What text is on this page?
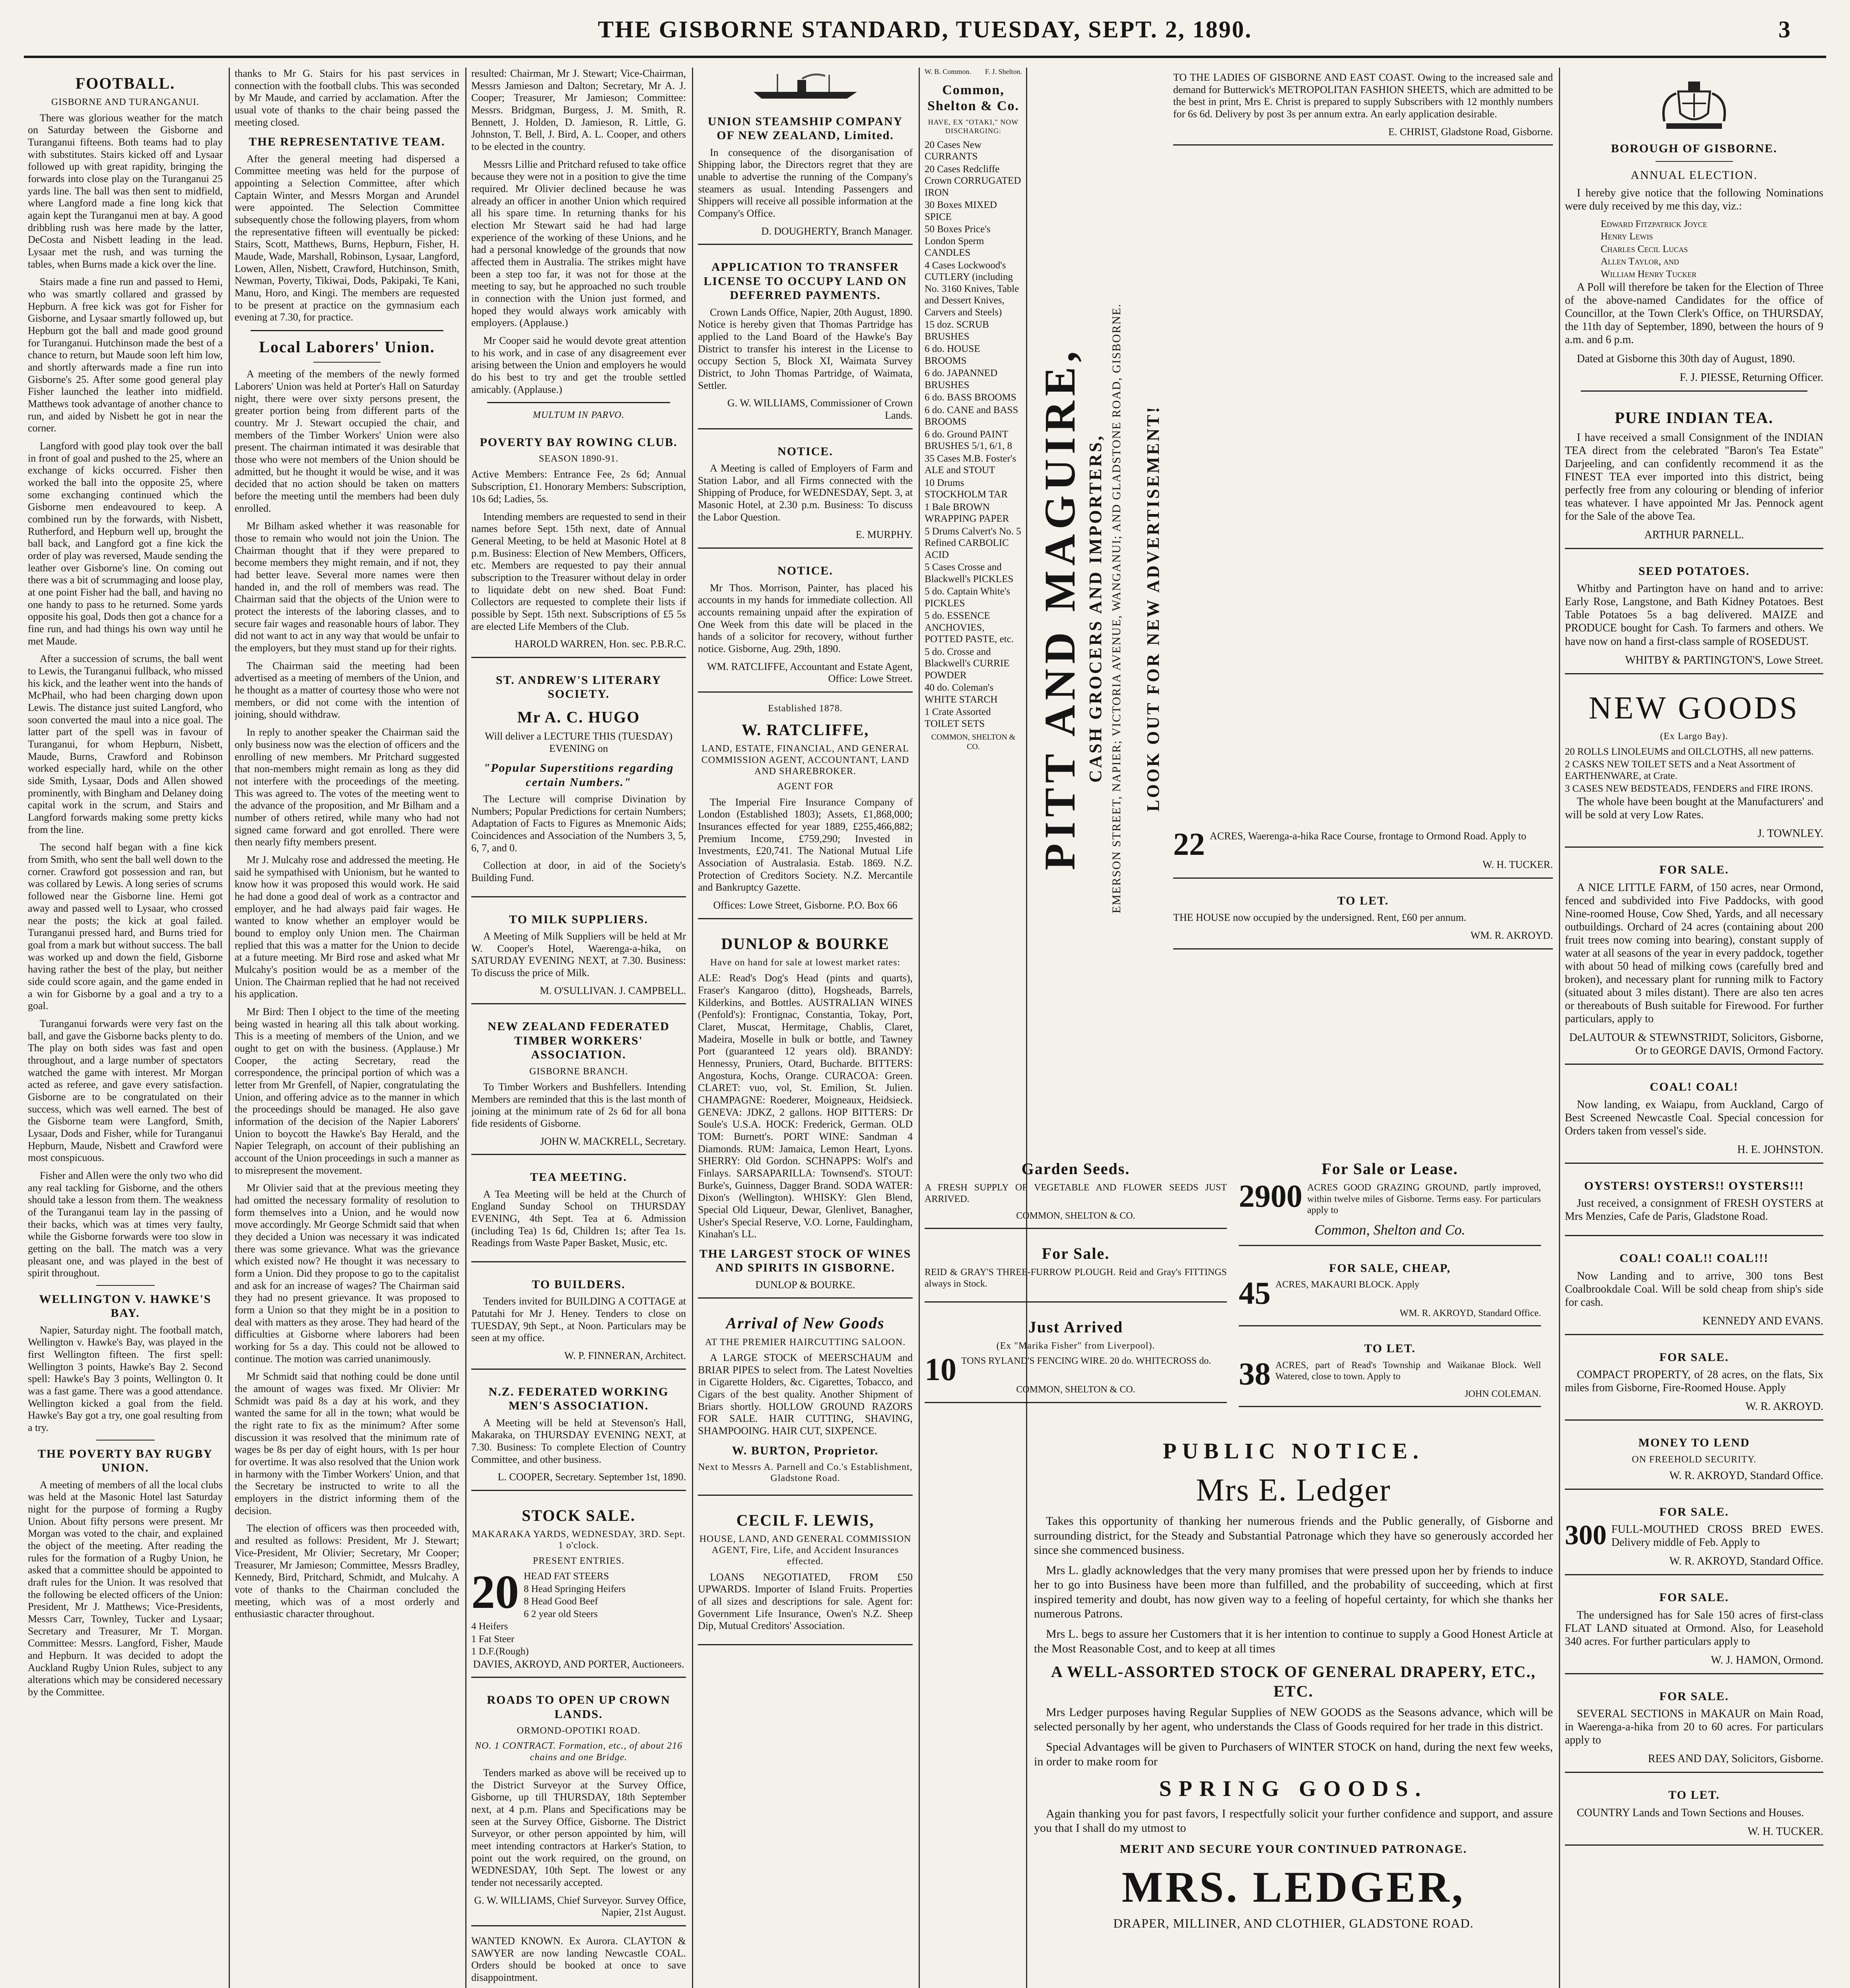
THE GISBORNE STANDARD, TUESDAY, SEPT. 2, 1890.	3
FOOTBALL.
GISBORNE AND TURANGANUI.

There was glorious weather for the match on Saturday between the Gisborne and Turanganui fifteens. Both teams had to play with substitutes. Stairs kicked off and Lysaar followed up with great rapidity, bringing the forwards into close play on the Turanganui 25 yards line. The ball was then sent to midfield, where Langford made a fine long kick that again kept the Turanganui men at bay. A good dribbling rush was here made by the latter, DeCosta and Nisbett leading in the lead. Lysaar met the rush, and was turning the tables, when Burns made a kick over the line.

Stairs made a fine run and passed to Hemi, who was smartly collared and grassed by Hepburn. A free kick was got for Fisher for Gisborne, and Lysaar smartly followed up, but Hepburn got the ball and made good ground for Turanganui. Hutchinson made the best of a chance to return, but Maude soon left him low, and shortly afterwards made a fine run into Gisborne's 25. After some good general play Fisher launched the leather into midfield. Matthews took advantage of another chance to run, and aided by Nisbett he got in near the corner.

Langford with good play took over the ball in front of goal and pushed to the 25, where an exchange of kicks occurred. Fisher then worked the ball into the opposite 25, where some exchanging continued which the Gisborne men endeavoured to keep. A combined run by the forwards, with Nisbett, Rutherford, and Hepburn well up, brought the ball back, and Langford got a fine kick the order of play was reversed, Maude sending the leather over Gisborne's line. On coming out there was a bit of scrummaging and loose play, at one point Fisher had the ball, and having no one handy to pass to he returned. Some yards opposite his goal, Dods then got a chance for a fine run, and had things his own way until he met Maude.

After a succession of scrums, the ball went to Lewis, the Turanganui fullback, who missed his kick, and the leather went into the hands of McPhail, who had been charging down upon Lewis. The distance just suited Langford, who soon converted the maul into a nice goal. The latter part of the spell was in favour of Turanganui, for whom Hepburn, Nisbett, Maude, Burns, Crawford and Robinson worked especially hard, while on the other side Smith, Lysaar, Dods and Allen showed prominently, with Bingham and Delaney doing capital work in the scrum, and Stairs and Langford forwards making some pretty kicks from the line.

The second half began with a fine kick from Smith, who sent the ball well down to the corner. Crawford got possession and ran, but was collared by Lewis. A long series of scrums followed near the Gisborne line. Hemi got away and passed well to Lysaar, who crossed near the posts; the kick at goal failed. Turanganui pressed hard, and Burns tried for goal from a mark but without success. The ball was worked up and down the field, Gisborne having rather the best of the play, but neither side could score again, and the game ended in a win for Gisborne by a goal and a try to a goal.

Turanganui forwards were very fast on the ball, and gave the Gisborne backs plenty to do. The play on both sides was fast and open throughout, and a large number of spectators watched the game with interest. Mr Morgan acted as referee, and gave every satisfaction. Gisborne are to be congratulated on their success, which was well earned. The best of the Gisborne team were Langford, Smith, Lysaar, Dods and Fisher, while for Turanganui Hepburn, Maude, Nisbett and Crawford were most conspicuous.

Fisher and Allen were the only two who did any real tackling for Gisborne, and the others should take a lesson from them. The weakness of the Turanganui team lay in the passing of their backs, which was at times very faulty, while the Gisborne forwards were too slow in getting on the ball. The match was a very pleasant one, and was played in the best of spirit throughout.

WELLINGTON V. HAWKE'S BAY.

Napier, Saturday night. The football match, Wellington v. Hawke's Bay, was played in the first Wellington fifteen. The first spell: Wellington 3 points, Hawke's Bay 2. Second spell: Hawke's Bay 3 points, Wellington 0. It was a fast game. There was a good attendance. Wellington kicked a goal from the field. Hawke's Bay got a try, one goal resulting from a try.

THE POVERTY BAY RUGBY UNION.

A meeting of members of all the local clubs was held at the Masonic Hotel last Saturday night for the purpose of forming a Rugby Union. About fifty persons were present. Mr Morgan was voted to the chair, and explained the object of the meeting. After reading the rules for the formation of a Rugby Union, he asked that a committee should be appointed to draft rules for the Union. It was resolved that the following be elected officers of the Union: President, Mr J. Matthews; Vice-Presidents, Messrs Carr, Townley, Tucker and Lysaar; Secretary and Treasurer, Mr T. Morgan. Committee: Messrs. Langford, Fisher, Maude and Hepburn. It was decided to adopt the Auckland Rugby Union Rules, subject to any alterations which may be considered necessary by the Committee.

thanks to Mr G. Stairs for his past services in connection with the football clubs. This was seconded by Mr Maude, and carried by acclamation. After the usual vote of thanks to the chair being passed the meeting closed.

THE REPRESENTATIVE TEAM.

After the general meeting had dispersed a Committee meeting was held for the purpose of appointing a Selection Committee, after which Captain Winter, and Messrs Morgan and Arundel were appointed. The Selection Committee subsequently chose the following players, from whom the representative fifteen will eventually be picked: Stairs, Scott, Matthews, Burns, Hepburn, Fisher, H. Maude, Wade, Marshall, Robinson, Lysaar, Langford, Lowen, Allen, Nisbett, Crawford, Hutchinson, Smith, Newman, Poverty, Tikiwai, Dods, Pakipaki, Te Kani, Manu, Horo, and Kingi. The members are requested to be present at practice on the gymnasium each evening at 7.30, for practice.

Local Laborers' Union.

A meeting of the members of the newly formed Laborers' Union was held at Porter's Hall on Saturday night, there were over sixty persons present, the greater portion being from different parts of the country. Mr J. Stewart occupied the chair, and members of the Timber Workers' Union were also present. The chairman intimated it was desirable that those who were not members of the Union should be admitted, but he thought it would be wise, and it was decided that no action should be taken on matters before the meeting until the members had been duly enrolled.

Mr Bilham asked whether it was reasonable for those to remain who would not join the Union. The Chairman thought that if they were prepared to become members they might remain, and if not, they had better leave. Several more names were then handed in, and the roll of members was read. The Chairman said that the objects of the Union were to protect the interests of the laboring classes, and to secure fair wages and reasonable hours of labor. They did not want to act in any way that would be unfair to the employers, but they must stand up for their rights.

The Chairman said the meeting had been advertised as a meeting of members of the Union, and he thought as a matter of courtesy those who were not members, or did not come with the intention of joining, should withdraw.

In reply to another speaker the Chairman said the only business now was the election of officers and the enrolling of new members. Mr Pritchard suggested that non-members might remain as long as they did not interfere with the proceedings of the meeting. This was agreed to. The votes of the meeting went to the advance of the proposition, and Mr Bilham and a number of others retired, while many who had not signed came forward and got enrolled. There were then nearly fifty members present.

Mr J. Mulcahy rose and addressed the meeting. He said he sympathised with Unionism, but he wanted to know how it was proposed this would work. He said he had done a good deal of work as a contractor and employer, and he had always paid fair wages. He wanted to know whether an employer would be bound to employ only Union men. The Chairman replied that this was a matter for the Union to decide at a future meeting. Mr Bird rose and asked what Mr Mulcahy's position would be as a member of the Union. The Chairman replied that he had not received his application.

Mr Bird: Then I object to the time of the meeting being wasted in hearing all this talk about working. This is a meeting of members of the Union, and we ought to get on with the business. (Applause.) Mr Cooper, the acting Secretary, read the correspondence, the principal portion of which was a letter from Mr Grenfell, of Napier, congratulating the Union, and offering advice as to the manner in which the proceedings should be managed. He also gave information of the decision of the Napier Laborers' Union to boycott the Hawke's Bay Herald, and the Napier Telegraph, on account of their publishing an account of the Union proceedings in such a manner as to misrepresent the movement.

Mr Olivier said that at the previous meeting they had omitted the necessary formality of resolution to form themselves into a Union, and he would now move accordingly. Mr George Schmidt said that when they decided a Union was necessary it was indicated there was some grievance. What was the grievance which existed now? He thought it was necessary to form a Union. Did they propose to go to the capitalist and ask for an increase of wages? The Chairman said they had no present grievance. It was proposed to form a Union so that they might be in a position to deal with matters as they arose. They had heard of the difficulties at Gisborne where laborers had been working for 5s a day. This could not be allowed to continue. The motion was carried unanimously.

Mr Schmidt said that nothing could be done until the amount of wages was fixed. Mr Olivier: Mr Schmidt was paid 8s a day at his work, and they wanted the same for all in the town; what would be the right rate to fix as the minimum? After some discussion it was resolved that the minimum rate of wages be 8s per day of eight hours, with 1s per hour for overtime. It was also resolved that the Union work in harmony with the Timber Workers' Union, and that the Secretary be instructed to write to all the employers in the district informing them of the decision.

The election of officers was then proceeded with, and resulted as follows: President, Mr J. Stewart; Vice-President, Mr Olivier; Secretary, Mr Cooper; Treasurer, Mr Jamieson; Committee, Messrs Bradley, Kennedy, Bird, Pritchard, Schmidt, and Mulcahy. A vote of thanks to the Chairman concluded the meeting, which was of a most orderly and enthusiastic character throughout.

resulted: Chairman, Mr J. Stewart; Vice-Chairman, Messrs Jamieson and Dalton; Secretary, Mr A. J. Cooper; Treasurer, Mr Jamieson; Committee: Messrs. Bridgman, Burgess, J. M. Smith, R. Bennett, J. Holden, D. Jamieson, R. Little, G. Johnston, T. Bell, J. Bird, A. L. Cooper, and others to be elected in the country.

Messrs Lillie and Pritchard refused to take office because they were not in a position to give the time required. Mr Olivier declined because he was already an officer in another Union which required all his spare time. In returning thanks for his election Mr Stewart said he had had large experience of the working of these Unions, and he had a personal knowledge of the grounds that now affected them in Australia. The strikes might have been a step too far, it was not for those at the meeting to say, but he approached no such trouble in connection with the Union just formed, and hoped they would always work amicably with employers. (Applause.)

Mr Cooper said he would devote great attention to his work, and in case of any disagreement ever arising between the Union and employers he would do his best to try and get the trouble settled amicably. (Applause.)

MULTUM IN PARVO.
POVERTY BAY ROWING CLUB.
SEASON 1890-91.

Active Members: Entrance Fee, 2s 6d; Annual Subscription, £1. Honorary Members: Subscription, 10s 6d; Ladies, 5s.

Intending members are requested to send in their names before Sept. 15th next, date of Annual General Meeting, to be held at Masonic Hotel at 8 p.m. Business: Election of New Members, Officers, etc. Members are requested to pay their annual subscription to the Treasurer without delay in order to liquidate debt on new shed. Boat Fund: Collectors are requested to complete their lists if possible by Sept. 15th next. Subscriptions of £5 5s are elected Life Members of the Club.

HAROLD WARREN, Hon. sec. P.B.R.C.
ST. ANDREW'S LITERARY SOCIETY.
Mr A. C. HUGO
Will deliver a LECTURE THIS (TUESDAY) EVENING on
"Popular Superstitions regarding certain Numbers."

The Lecture will comprise Divination by Numbers; Popular Predictions for certain Numbers; Adaptation of Facts to Figures as Mnemonic Aids; Coincidences and Association of the Numbers 3, 5, 6, 7, and 0.

Collection at door, in aid of the Society's Building Fund.

TO MILK SUPPLIERS.

A Meeting of Milk Suppliers will be held at Mr W. Cooper's Hotel, Waerenga-a-hika, on SATURDAY EVENING NEXT, at 7.30. Business: To discuss the price of Milk.

M. O'SULLIVAN. J. CAMPBELL.
NEW ZEALAND FEDERATED TIMBER WORKERS' ASSOCIATION.
GISBORNE BRANCH.

To Timber Workers and Bushfellers. Intending Members are reminded that this is the last month of joining at the minimum rate of 2s 6d for all bona fide residents of Gisborne.

JOHN W. MACKRELL, Secretary.
TEA MEETING.

A Tea Meeting will be held at the Church of England Sunday School on THURSDAY EVENING, 4th Sept. Tea at 6. Admission (including Tea) 1s 6d, Children 1s; after Tea 1s. Readings from Waste Paper Basket, Music, etc.

TO BUILDERS.

Tenders invited for BUILDING A COTTAGE at Patutahi for Mr J. Heney. Tenders to close on TUESDAY, 9th Sept., at Noon. Particulars may be seen at my office.

W. P. FINNERAN, Architect.
N.Z. FEDERATED WORKING MEN'S ASSOCIATION.

A Meeting will be held at Stevenson's Hall, Makaraka, on THURSDAY EVENING NEXT, at 7.30. Business: To complete Election of Country Committee, and other business.

L. COOPER, Secretary. September 1st, 1890.
STOCK SALE.
MAKARAKA YARDS, WEDNESDAY, 3RD. Sept. 1 o'clock.
PRESENT ENTRIES.
20 HEAD FAT STEERS
8 Head Springing Heifers
8 Head Good Beef
6 2 year old Steers
4 Heifers
1 Fat Steer
1 D.F.(Rough)
DAVIES, AKROYD, AND PORTER, Auctioneers.
ROADS TO OPEN UP CROWN LANDS.
ORMOND-OPOTIKI ROAD.
NO. 1 CONTRACT. Formation, etc., of about 216 chains and one Bridge.

Tenders marked as above will be received up to the District Surveyor at the Survey Office, Gisborne, up till THURSDAY, 18th September next, at 4 p.m. Plans and Specifications may be seen at the Survey Office, Gisborne. The District Surveyor, or other person appointed by him, will meet intending contractors at Harker's Station, to point out the work required, on the ground, on WEDNESDAY, 10th Sept. The lowest or any tender not necessarily accepted.

G. W. WILLIAMS, Chief Surveyor. Survey Office, Napier, 21st August.

WANTED KNOWN. Ex Aurora. CLAYTON & SAWYER are now landing Newcastle COAL. Orders should be booked at once to save disappointment.

UNION STEAMSHIP COMPANY OF NEW ZEALAND, Limited.

In consequence of the disorganisation of Shipping labor, the Directors regret that they are unable to advertise the running of the Company's steamers as usual. Intending Passengers and Shippers will receive all possible information at the Company's Office.

D. DOUGHERTY, Branch Manager.
APPLICATION TO TRANSFER LICENSE TO OCCUPY LAND ON DEFERRED PAYMENTS.

Crown Lands Office, Napier, 20th August, 1890. Notice is hereby given that Thomas Partridge has applied to the Land Board of the Hawke's Bay District to transfer his interest in the License to occupy Section 5, Block XI, Waimata Survey District, to John Thomas Partridge, of Waimata, Settler.

G. W. WILLIAMS, Commissioner of Crown Lands.
NOTICE.

A Meeting is called of Employers of Farm and Station Labor, and all Firms connected with the Shipping of Produce, for WEDNESDAY, Sept. 3, at Masonic Hotel, at 2.30 p.m. Business: To discuss the Labor Question.

E. MURPHY.
NOTICE.

Mr Thos. Morrison, Painter, has placed his accounts in my hands for immediate collection. All accounts remaining unpaid after the expiration of One Week from this date will be placed in the hands of a solicitor for recovery, without further notice. Gisborne, Aug. 29th, 1890.

WM. RATCLIFFE, Accountant and Estate Agent, Office: Lowe Street.
Established 1878.
W. RATCLIFFE,
LAND, ESTATE, FINANCIAL, AND GENERAL COMMISSION AGENT, ACCOUNTANT, LAND AND SHAREBROKER.
AGENT FOR

The Imperial Fire Insurance Company of London (Established 1803); Assets, £1,868,000; Insurances effected for year 1889, £255,466,882; Premium Income, £759,290; Invested in Investments, £20,741. The National Mutual Life Association of Australasia. Estab. 1869. N.Z. Protection of Creditors Society. N.Z. Mercantile and Bankruptcy Gazette.

Offices: Lowe Street, Gisborne. P.O. Box 66
DUNLOP & BOURKE
Have on hand for sale at lowest market rates:

ALE: Read's Dog's Head (pints and quarts), Fraser's Kangaroo (ditto), Hogsheads, Barrels, Kilderkins, and Bottles. AUSTRALIAN WINES (Penfold's): Frontignac, Constantia, Tokay, Port, Claret, Muscat, Hermitage, Chablis, Claret, Madeira, Moselle in bulk or bottle, and Tawney Port (guaranteed 12 years old). BRANDY: Hennessy, Pruniers, Otard, Bucharde. BITTERS: Angostura, Kochs, Orange. CURACOA: Green. CLARET: vuo, vol, St. Emilion, St. Julien. CHAMPAGNE: Roederer, Moigneaux, Heidsieck. GENEVA: JDKZ, 2 gallons. HOP BITTERS: Dr Soule's U.S.A. HOCK: Frederick, German. OLD TOM: Burnett's. PORT WINE: Sandman 4 Diamonds. RUM: Jamaica, Lemon Heart, Lyons. SHERRY: Old Gordon. SCHNAPPS: Wolf's and Finlays. SARSAPARILLA: Townsend's. STOUT: Burke's, Guinness, Dagger Brand. SODA WATER: Dixon's (Wellington). WHISKY: Glen Blend, Special Old Liqueur, Dewar, Glenlivet, Banagher, Usher's Special Reserve, V.O. Lorne, Fauldingham, Kinahan's LL.

THE LARGEST STOCK OF WINES AND SPIRITS IN GISBORNE.
DUNLOP & BOURKE.
Arrival of New Goods
AT THE PREMIER HAIRCUTTING SALOON.

A LARGE STOCK of MEERSCHAUM and BRIAR PIPES to select from. The Latest Novelties in Cigarette Holders, &c. Cigarettes, Tobacco, and Cigars of the best quality. Another Shipment of Briars shortly. HOLLOW GROUND RAZORS FOR SALE. HAIR CUTTING, SHAVING, SHAMPOOING. HAIR CUT, SIXPENCE.

W. BURTON, Proprietor.
Next to Messrs A. Parnell and Co.'s Establishment, Gladstone Road.
CECIL F. LEWIS,
HOUSE, LAND, AND GENERAL COMMISSION AGENT, Fire, Life, and Accident Insurances effected.

LOANS NEGOTIATED, FROM £50 UPWARDS. Importer of Island Fruits. Properties of all sizes and descriptions for sale. Agent for: Government Life Insurance, Owen's N.Z. Sheep Dip, Mutual Creditors' Association.

W. B. Common. F. J. Shelton.
Common, Shelton & Co.
HAVE, EX "OTAKI," NOW DISCHARGING:
20 Cases New CURRANTS
20 Cases Redcliffe Crown CORRUGATED IRON
30 Boxes MIXED SPICE
50 Boxes Price's London Sperm CANDLES
4 Cases Lockwood's CUTLERY (including No. 3160 Knives, Table and Dessert Knives, Carvers and Steels)
15 doz. SCRUB BRUSHES
6 do. HOUSE BROOMS
6 do. JAPANNED BRUSHES
6 do. BASS BROOMS
6 do. CANE and BASS BROOMS
6 do. Ground PAINT BRUSHES 5/1, 6/1, 8
35 Cases M.B. Foster's ALE and STOUT
10 Drums STOCKHOLM TAR
1 Bale BROWN WRAPPING PAPER
5 Drums Calvert's No. 5 Refined CARBOLIC ACID
5 Cases Crosse and Blackwell's PICKLES
5 do. Captain White's PICKLES
5 do. ESSENCE ANCHOVIES, POTTED PASTE, etc.
5 do. Crosse and Blackwell's CURRIE POWDER
40 do. Coleman's WHITE STARCH
1 Crate Assorted TOILET SETS
COMMON, SHELTON & CO.
Garden Seeds.

A FRESH SUPPLY OF VEGETABLE AND FLOWER SEEDS JUST ARRIVED.

COMMON, SHELTON & CO.
For Sale.

REID & GRAY'S THREE-FURROW PLOUGH. Reid and Gray's FITTINGS always in Stock.

Just Arrived
(Ex "Marika Fisher" from Liverpool).
10 TONS RYLAND'S FENCING WIRE. 20 do. WHITECROSS do.

COMMON, SHELTON & CO.
For Sale or Lease.
2900 ACRES GOOD GRAZING GROUND, partly improved, within twelve miles of Gisborne. Terms easy. For particulars apply to

Common, Shelton and Co.
FOR SALE, CHEAP,
45 ACRES, MAKAURI BLOCK. Apply

WM. R. AKROYD, Standard Office.
TO LET.
38 ACRES, part of Read's Township and Waikanae Block. Well Watered, close to town. Apply to

JOHN COLEMAN.
PITT AND MAGUIRE, CASH GROCERS AND IMPORTERS, EMERSON STREET, NAPIER; VICTORIA AVENUE, WANGANUI; AND GLADSTONE ROAD, GISBORNE. LOOK OUT FOR NEW ADVERTISEMENT!

TO THE LADIES OF GISBORNE AND EAST COAST. Owing to the increased sale and demand for Butterwick's METROPOLITAN FASHION SHEETS, which are admitted to be the best in print, Mrs E. Christ is prepared to supply Subscribers with 12 monthly numbers for 6s 6d. Delivery by post 3s per annum extra. An early application desirable.

E. CHRIST, Gladstone Road, Gisborne.
22 ACRES, Waerenga-a-hika Race Course, frontage to Ormond Road. Apply to

W. H. TUCKER.
TO LET.

THE HOUSE now occupied by the undersigned. Rent, £60 per annum.

WM. R. AKROYD.
PUBLIC NOTICE.
Mrs E. Ledger

Takes this opportunity of thanking her numerous friends and the Public generally, of Gisborne and surrounding district, for the Steady and Substantial Patronage which they have so generously accorded her since she commenced business.

Mrs L. gladly acknowledges that the very many promises that were pressed upon her by friends to induce her to go into Business have been more than fulfilled, and the probability of succeeding, which at first inspired temerity and doubt, has now given way to a feeling of hopeful certainty, for which she thanks her numerous Patrons.

Mrs L. begs to assure her Customers that it is her intention to continue to supply a Good Honest Article at the Most Reasonable Cost, and to keep at all times

A WELL-ASSORTED STOCK OF GENERAL DRAPERY, ETC., ETC.

Mrs Ledger purposes having Regular Supplies of NEW GOODS as the Seasons advance, which will be selected personally by her agent, who understands the Class of Goods required for her trade in this district.

Special Advantages will be given to Purchasers of WINTER STOCK on hand, during the next few weeks, in order to make room for

SPRING GOODS.

Again thanking you for past favors, I respectfully solicit your further confidence and support, and assure you that I shall do my utmost to

MERIT AND SECURE YOUR CONTINUED PATRONAGE.
MRS. LEDGER,
DRAPER, MILLINER, AND CLOTHIER, GLADSTONE ROAD.

BOROUGH OF GISBORNE.
ANNUAL ELECTION.

I hereby give notice that the following Nominations were duly received by me this day, viz.:

Edward Fitzpatrick Joyce
Henry Lewis
Charles Cecil Lucas
Allen Taylor, and
William Henry Tucker

A Poll will therefore be taken for the Election of Three of the above-named Candidates for the office of Councillor, at the Town Clerk's Office, on THURSDAY, the 11th day of September, 1890, between the hours of 9 a.m. and 6 p.m.

Dated at Gisborne this 30th day of August, 1890.

F. J. PIESSE, Returning Officer.
PURE INDIAN TEA.

I have received a small Consignment of the INDIAN TEA direct from the celebrated "Baron's Tea Estate" Darjeeling, and can confidently recommend it as the FINEST TEA ever imported into this district, being perfectly free from any colouring or blending of inferior teas whatever. I have appointed Mr Jas. Pennock agent for the Sale of the above Tea.

ARTHUR PARNELL.
SEED POTATOES.

Whitby and Partington have on hand and to arrive: Early Rose, Langstone, and Bath Kidney Potatoes. Best Table Potatoes 5s a bag delivered. MAIZE and PRODUCE bought for Cash. To farmers and others. We have now on hand a first-class sample of ROSEDUST.

WHITBY & PARTINGTON'S, Lowe Street.
NEW GOODS
(Ex Largo Bay).
20 ROLLS LINOLEUMS and OILCLOTHS, all new patterns.
2 CASKS NEW TOILET SETS and a Neat Assortment of EARTHENWARE, at Crate.
3 CASES NEW BEDSTEADS, FENDERS and FIRE IRONS.

The whole have been bought at the Manufacturers' and will be sold at very Low Rates.

J. TOWNLEY.
FOR SALE.

A NICE LITTLE FARM, of 150 acres, near Ormond, fenced and subdivided into Five Paddocks, with good Nine-roomed House, Cow Shed, Yards, and all necessary outbuildings. Orchard of 24 acres (containing about 200 fruit trees now coming into bearing), constant supply of water at all seasons of the year in every paddock, together with about 50 head of milking cows (carefully bred and broken), and necessary plant for running milk to Factory (situated about 3 miles distant). There are also ten acres or thereabouts of Bush suitable for Firewood. For further particulars, apply to

DeLAUTOUR & STEWNSTRIDT, Solicitors, Gisborne, Or to GEORGE DAVIS, Ormond Factory.
COAL! COAL!

Now landing, ex Waiapu, from Auckland, Cargo of Best Screened Newcastle Coal. Special concession for Orders taken from vessel's side.

H. E. JOHNSTON.
OYSTERS! OYSTERS!! OYSTERS!!!

Just received, a consignment of FRESH OYSTERS at Mrs Menzies, Cafe de Paris, Gladstone Road.

COAL! COAL!! COAL!!!

Now Landing and to arrive, 300 tons Best Coalbrookdale Coal. Will be sold cheap from ship's side for cash.

KENNEDY AND EVANS.
FOR SALE.

COMPACT PROPERTY, of 28 acres, on the flats, Six miles from Gisborne, Fire-Roomed House. Apply

W. R. AKROYD.
MONEY TO LEND
ON FREEHOLD SECURITY.
W. R. AKROYD, Standard Office.
FOR SALE.
300 FULL-MOUTHED CROSS BRED EWES. Delivery middle of Feb. Apply to

W. R. AKROYD, Standard Office.
FOR SALE.

The undersigned has for Sale 150 acres of first-class FLAT LAND situated at Ormond. Also, for Leasehold 340 acres. For further particulars apply to

W. J. HAMON, Ormond.
FOR SALE.

SEVERAL SECTIONS in MAKAUR on Main Road, in Waerenga-a-hika from 20 to 60 acres. For particulars apply to

REES AND DAY, Solicitors, Gisborne.
TO LET.

COUNTRY Lands and Town Sections and Houses.

W. H. TUCKER.
